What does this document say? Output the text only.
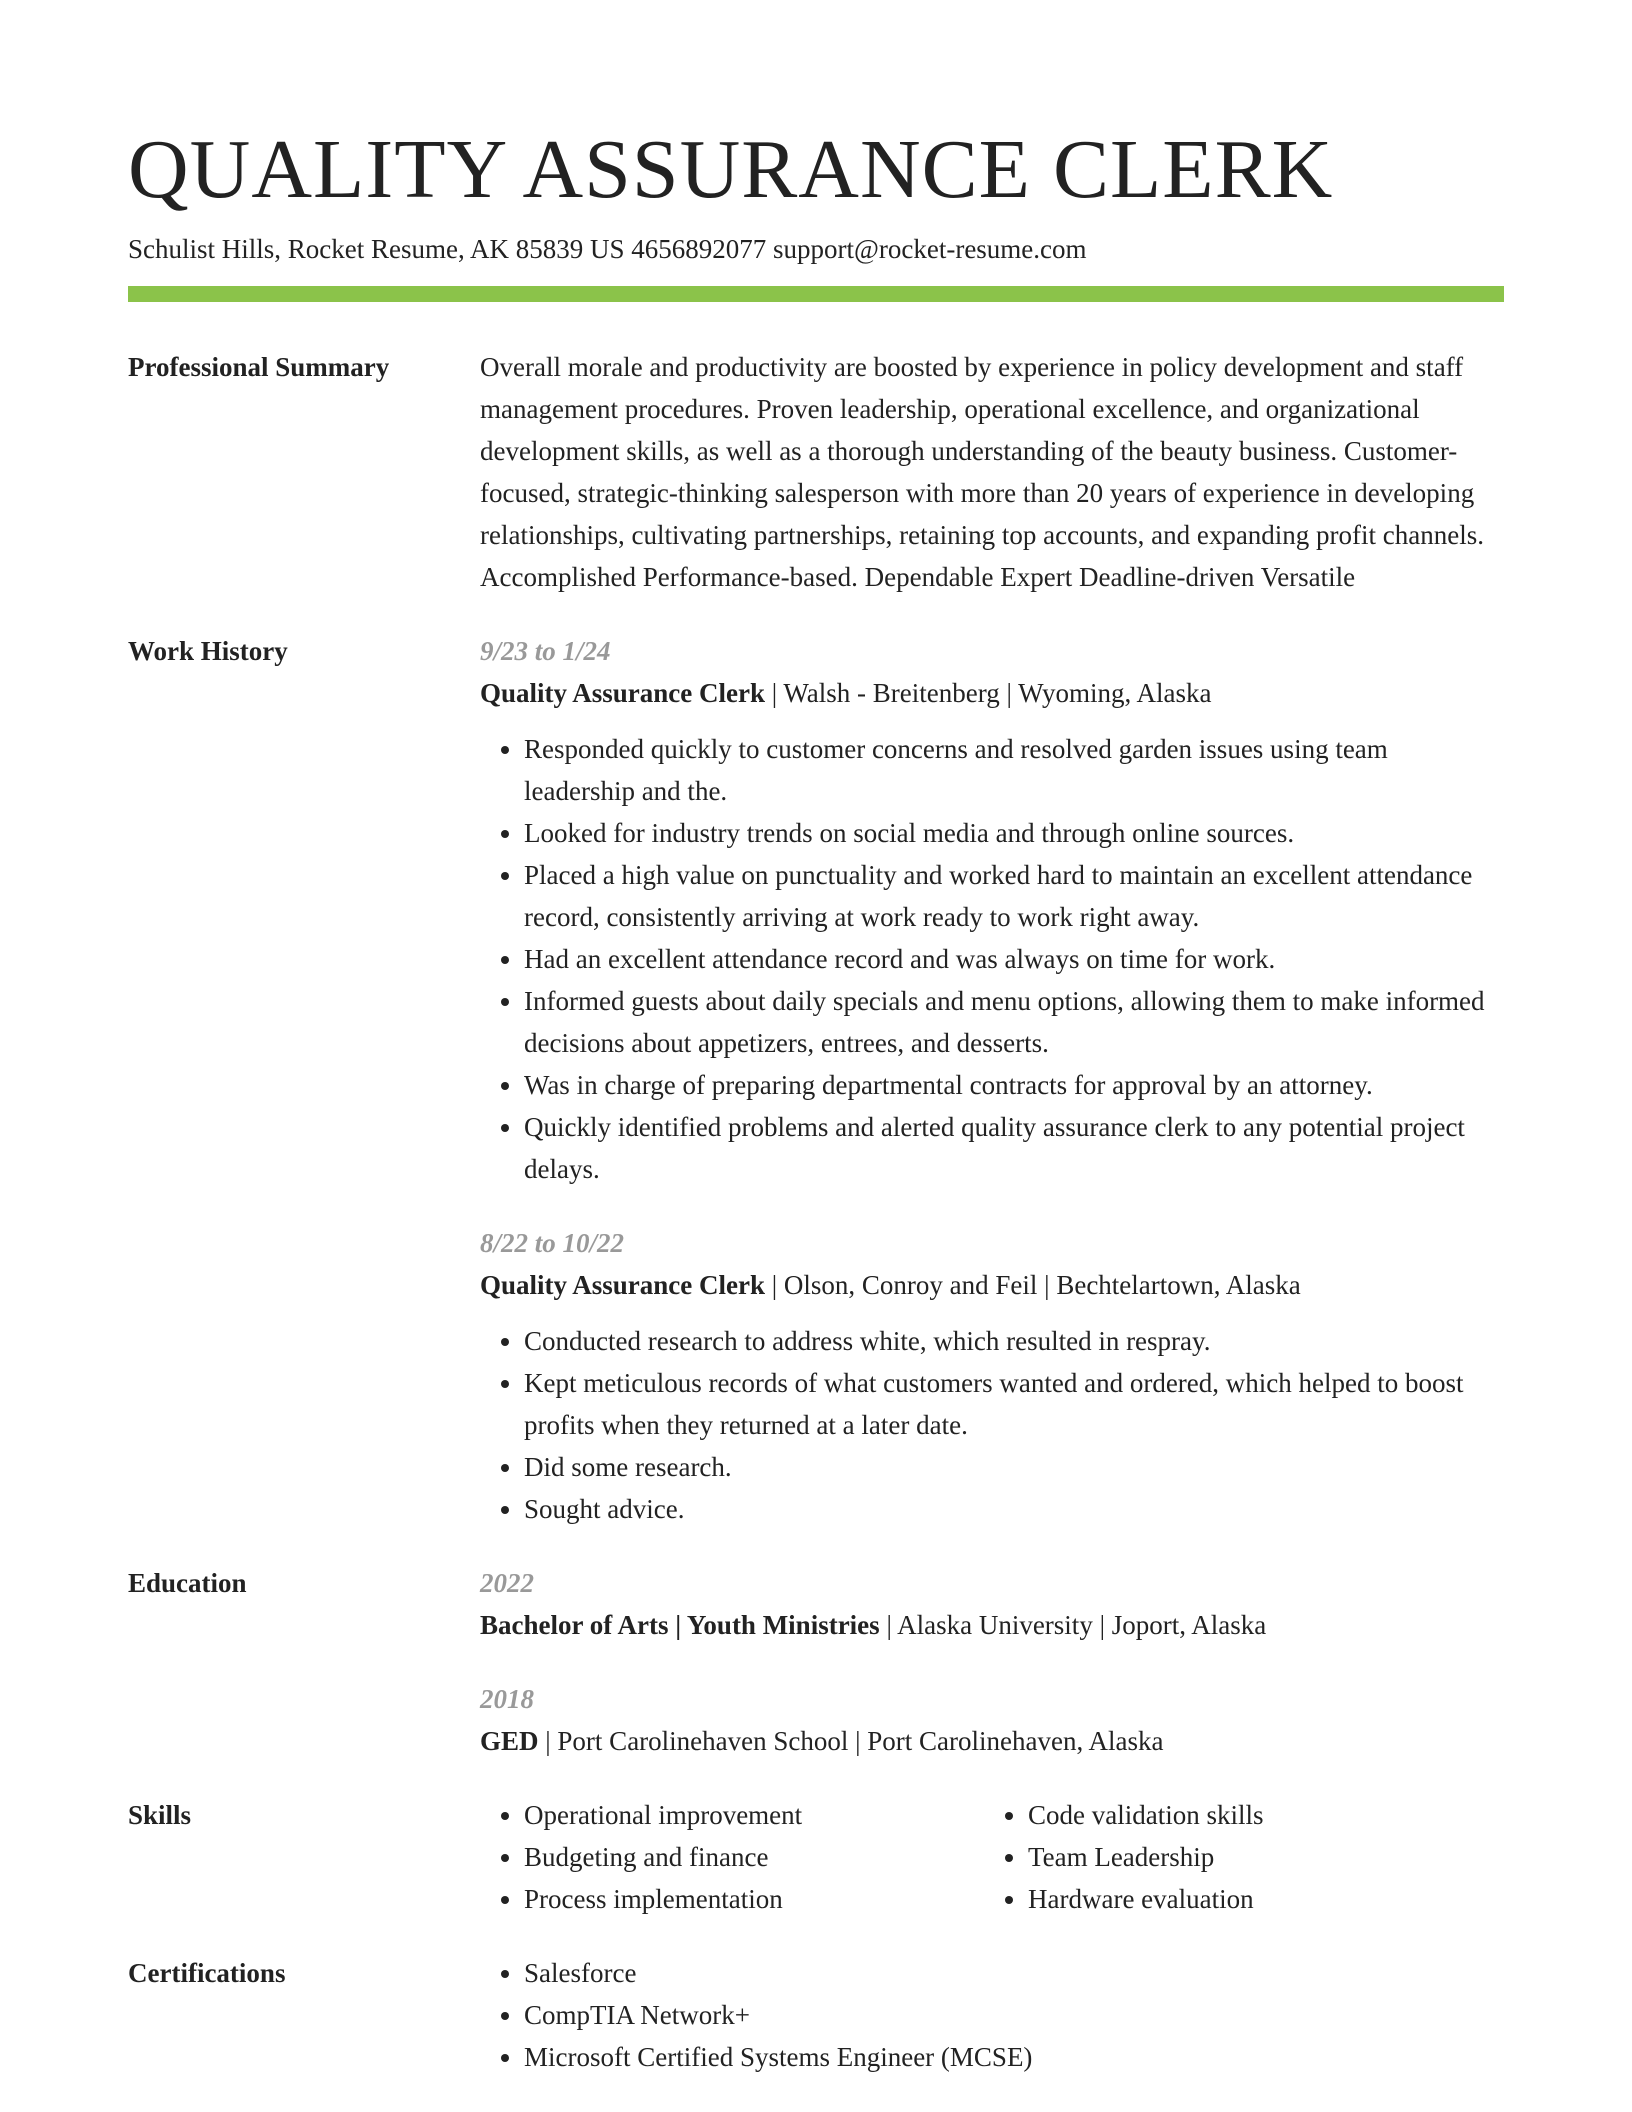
QUALITY ASSURANCE CLERK
Schulist Hills, Rocket Resume, AK 85839 US 4656892077 support@rocket-resume.com
Professional Summary	Overall morale and productivity are boosted by experience in policy development and staff management procedures. Proven leadership, operational excellence, and organizational development skills, as well as a thorough understanding of the beauty business. Customer-focused, strategic-thinking salesperson with more than 20 years of experience in developing relationships, cultivating partnerships, retaining top accounts, and expanding profit channels. Accomplished Performance-based. Dependable Expert Deadline-driven Versatile

Work History	9/23 to 1/24
Quality Assurance Clerk | Walsh - Breitenberg | Wyoming, Alaska
• Responded quickly to customer concerns and resolved garden issues using team leadership and the.
• Looked for industry trends on social media and through online sources.
• Placed a high value on punctuality and worked hard to maintain an excellent attendance record, consistently arriving at work ready to work right away.
• Had an excellent attendance record and was always on time for work.
• Informed guests about daily specials and menu options, allowing them to make informed decisions about appetizers, entrees, and desserts.
• Was in charge of preparing departmental contracts for approval by an attorney.
• Quickly identified problems and alerted quality assurance clerk to any potential project delays.
8/22 to 10/22
Quality Assurance Clerk | Olson, Conroy and Feil | Bechtelartown, Alaska
• Conducted research to address white, which resulted in respray.
• Kept meticulous records of what customers wanted and ordered, which helped to boost profits when they returned at a later date.
• Did some research.
• Sought advice.
Education	2022
Bachelor of Arts | Youth Ministries | Alaska University | Joport, Alaska
2018
GED | Port Carolinehaven School | Port Carolinehaven, Alaska
Skills	• Operational improvement
• Budgeting and finance
• Process implementation
• Code validation skills
• Team Leadership
• Hardware evaluation
Certifications	• Salesforce
• CompTIA Network+
• Microsoft Certified Systems Engineer (MCSE)
